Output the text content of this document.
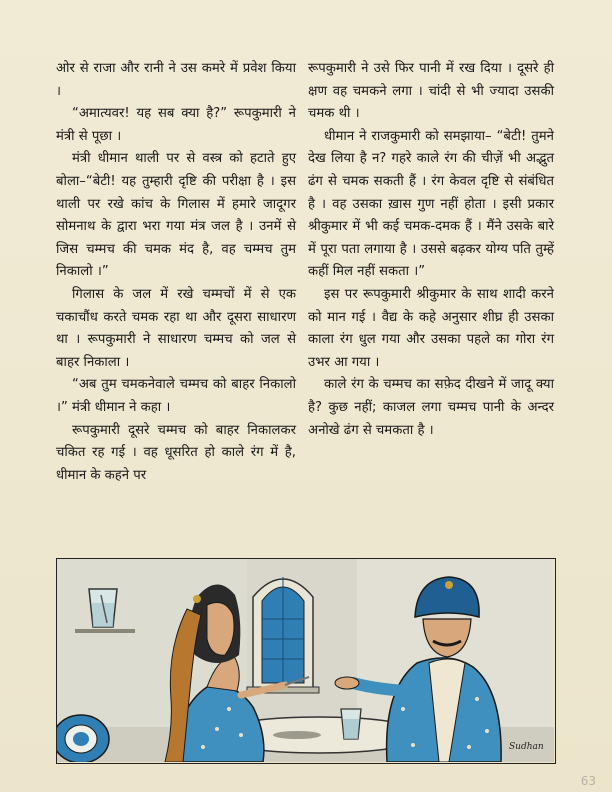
ओर से राजा और रानी ने उस कमरे में प्रवेश किया ।

“अमात्यवर! यह सब क्या है?” रूपकुमारी ने मंत्री से पूछा ।

मंत्री धीमान थाली पर से वस्त्र को हटाते हुए बोला–“बेटी! यह तुम्हारी दृष्टि की परीक्षा है । इस थाली पर रखे कांच के गिलास में हमारे जादूगर सोमनाथ के द्वारा भरा गया मंत्र जल है । उनमें से जिस चम्मच की चमक मंद है, वह चम्मच तुम निकालो ।”

गिलास के जल में रखे चम्मचों में से एक चकाचौंध करते चमक रहा था और दूसरा साधारण था । रूपकुमारी ने साधारण चम्मच को जल से बाहर निकाला ।

“अब तुम चमकनेवाले चम्मच को बाहर निकालो ।” मंत्री धीमान ने कहा ।

रूपकुमारी दूसरे चम्मच को बाहर निकालकर चकित रह गई । वह धूसरित हो काले रंग में है, धीमान के कहने पर

रूपकुमारी ने उसे फिर पानी में रख दिया । दूसरे ही क्षण वह चमकने लगा । चांदी से भी ज्यादा उसकी चमक थी ।

धीमान ने राजकुमारी को समझाया– “बेटी! तुमने देख लिया है न? गहरे काले रंग की चीज़ें भी अद्भुत ढंग से चमक सकती हैं । रंग केवल दृष्टि से संबंधित है । वह उसका ख़ास गुण नहीं होता । इसी प्रकार श्रीकुमार में भी कई चमक-दमक हैं । मैंने उसके बारे में पूरा पता लगाया है । उससे बढ़कर योग्य पति तुम्हें कहीं मिल नहीं सकता ।”

इस पर रूपकुमारी श्रीकुमार के साथ शादी करने को मान गई । वैद्य के कहे अनुसार शीघ्र ही उसका काला रंग धुल गया और उसका पहले का गोरा रंग उभर आ गया ।

काले रंग के चम्मच का सफ़ेद दीखने में जादू क्या है? कुछ नहीं; काजल लगा चम्मच पानी के अन्दर अनोखे ढंग से चमकता है ।

Sudhan
63
